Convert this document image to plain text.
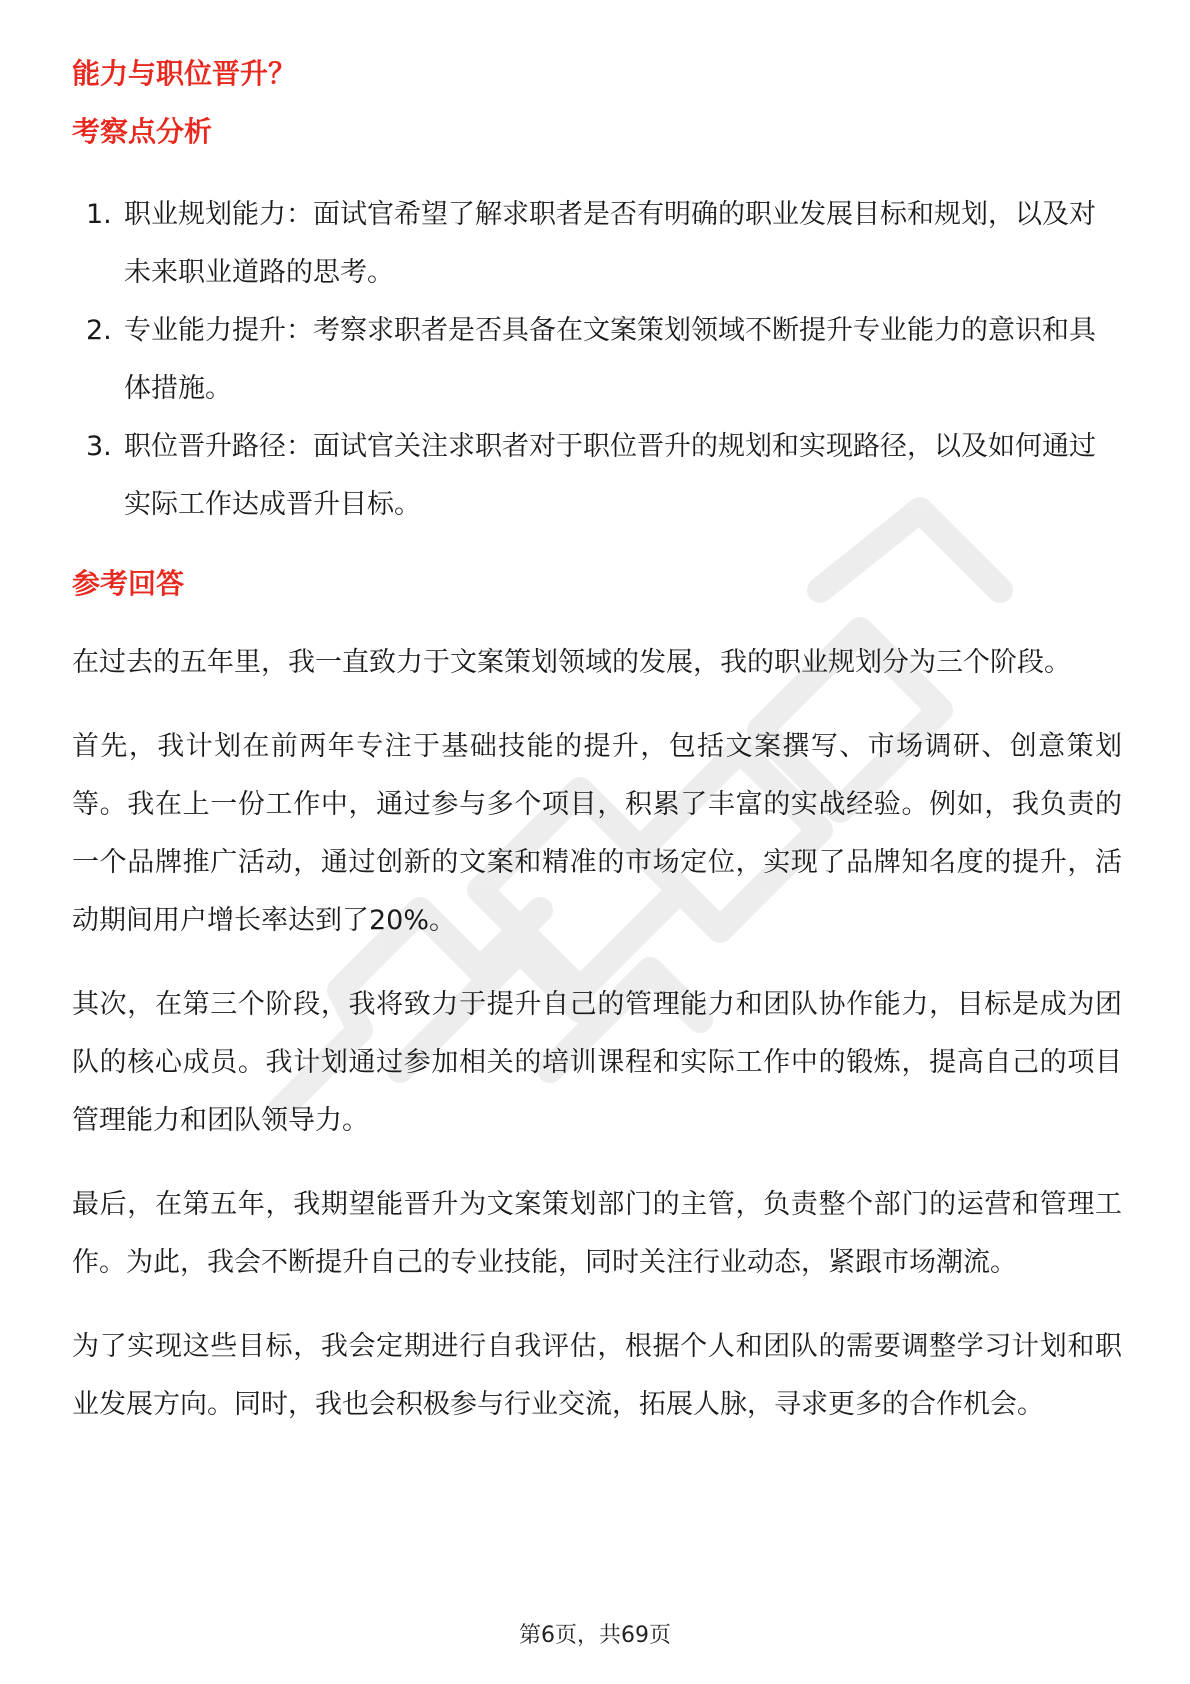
能力与职位晋升？
考察点分析
1. 职业规划能力：面试官希望了解求职者是否有明确的职业发展目标和规划，以及对未来职业道路的思考。
2. 专业能力提升：考察求职者是否具备在文案策划领域不断提升专业能力的意识和具体措施。
3. 职位晋升路径：面试官关注求职者对于职位晋升的规划和实现路径，以及如何通过实际工作达成晋升目标。
参考回答

在过去的五年里，我一直致力于文案策划领域的发展，我的职业规划分为三个阶段。

首先，我计划在前两年专注于基础技能的提升，包括文案撰写、市场调研、创意策划等。我在上一份工作中，通过参与多个项目，积累了丰富的实战经验。例如，我负责的一个品牌推广活动，通过创新的文案和精准的市场定位，实现了品牌知名度的提升，活动期间用户增长率达到了20%。

其次，在第三个阶段，我将致力于提升自己的管理能力和团队协作能力，目标是成为团队的核心成员。我计划通过参加相关的培训课程和实际工作中的锻炼，提高自己的项目管理能力和团队领导力。

最后，在第五年，我期望能晋升为文案策划部门的主管，负责整个部门的运营和管理工作。为此，我会不断提升自己的专业技能，同时关注行业动态，紧跟市场潮流。

为了实现这些目标，我会定期进行自我评估，根据个人和团队的需要调整学习计划和职业发展方向。同时，我也会积极参与行业交流，拓展人脉，寻求更多的合作机会。

第6页，共69页
